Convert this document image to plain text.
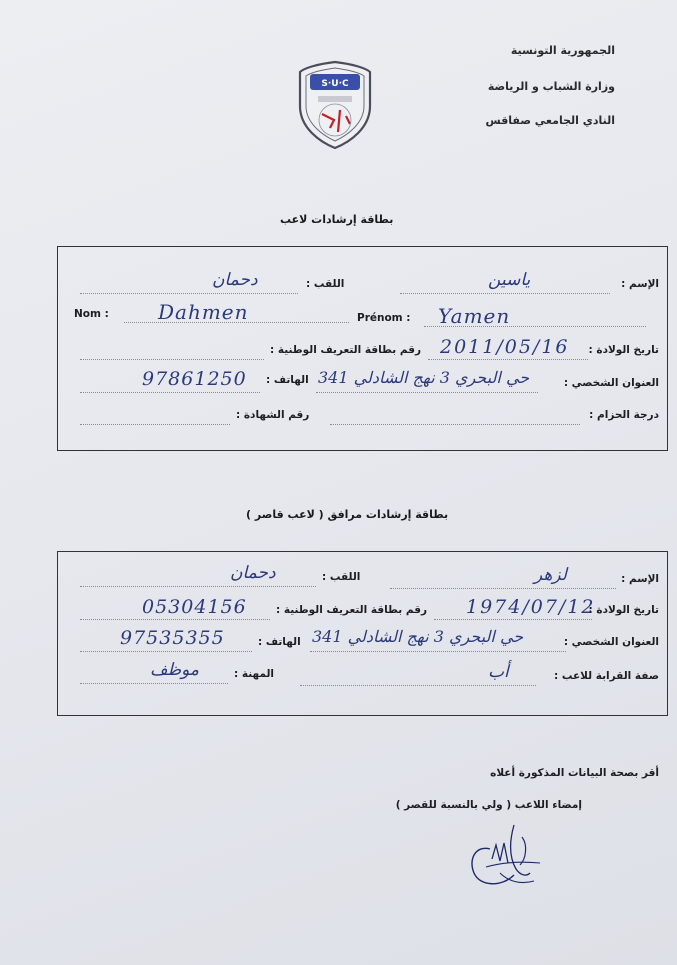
الجمهورية التونسية
وزارة الشباب و الرياضة
النادي الجامعي صفاقس
S·U·C
بطاقة إرشادات لاعب
الإسم :
ياسين
اللقب :
دحمان
Nom : Dahmen	Prénom : Yamen
تاريخ الولادة :
2011/05/16
رقم بطاقة التعريف الوطنية :
العنوان الشخصي :
حي البحري 3 نهج الشادلي 341
الهاتف :
97861250
درجة الحزام :
رقم الشهادة :
بطاقة إرشادات مرافق ( لاعب قاصر )
الإسم :
لزهر
اللقب :
دحمان
تاريخ الولادة :
1974/07/12
رقم بطاقة التعريف الوطنية :
05304156
العنوان الشخصي :
حي البحري 3 نهج الشادلي 341
الهاتف :
97535355
صفة القرابة للاعب :
أب
المهنة :
موظف
أقر بصحة البيانات المذكورة أعلاه
إمضاء اللاعب ( ولي بالنسبة للقصر )
